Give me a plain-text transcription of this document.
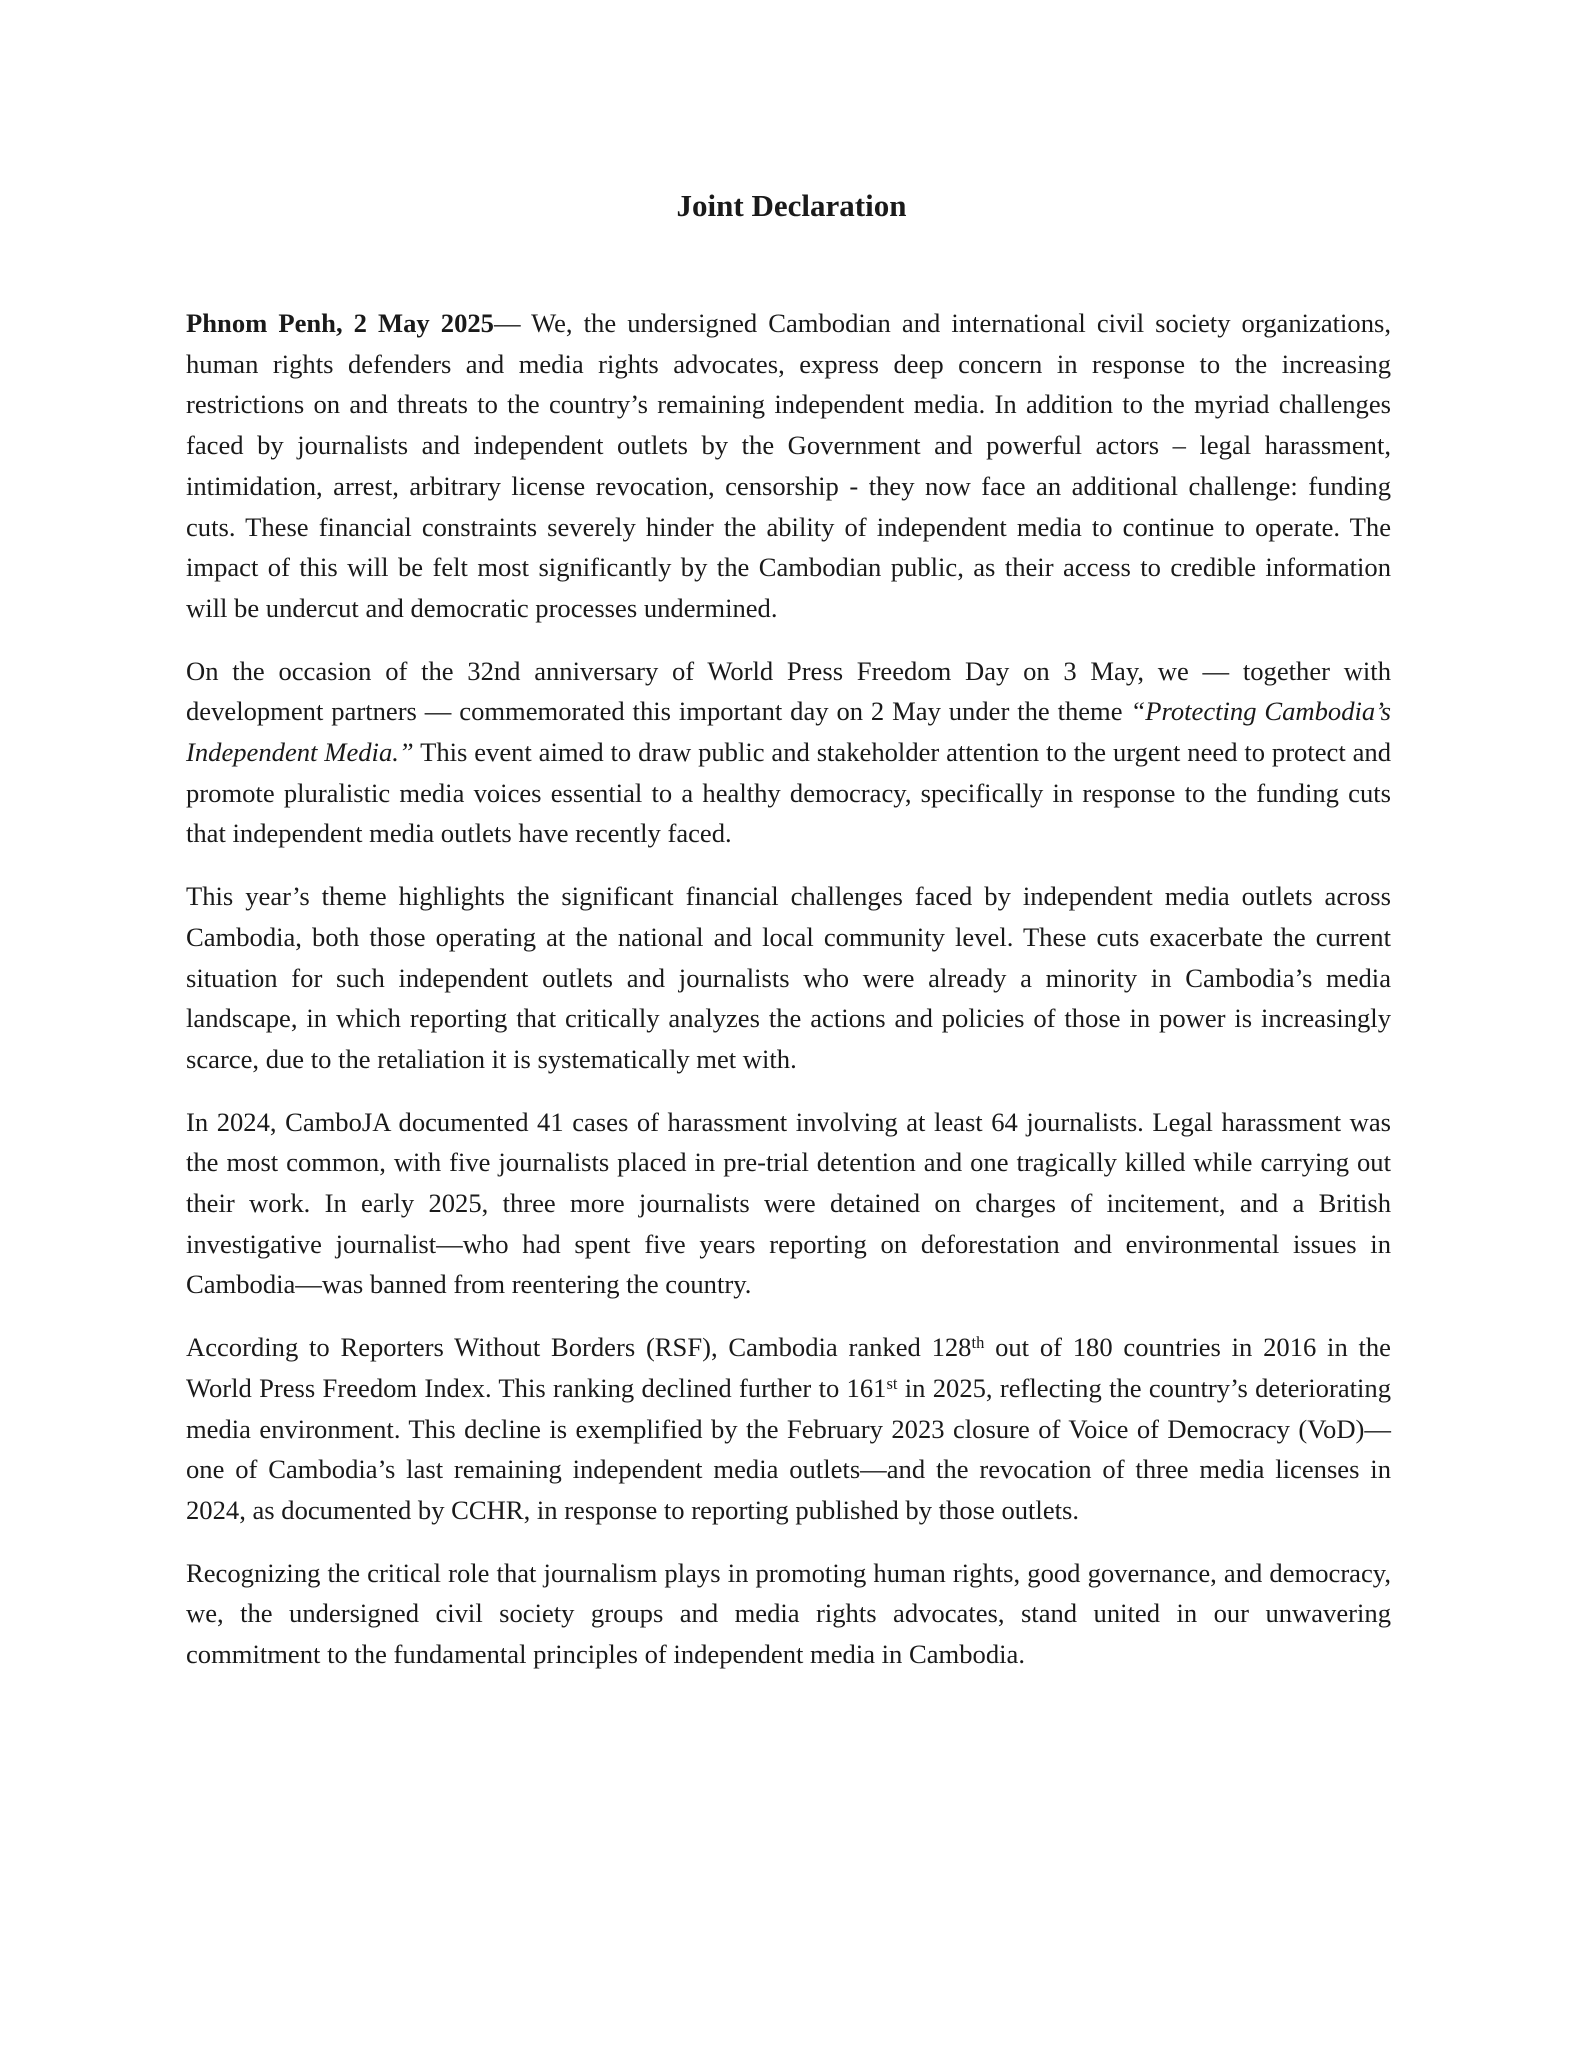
Joint Declaration

Phnom Penh, 2 May 2025— We, the undersigned Cambodian and international civil society organizations, human rights defenders and media rights advocates, express deep concern in response to the increasing restrictions on and threats to the country’s remaining independent media. In addition to the myriad challenges faced by journalists and independent outlets by the Government and powerful actors – legal harassment, intimidation, arrest, arbitrary license revocation, censorship - they now face an additional challenge: funding cuts. These financial constraints severely hinder the ability of independent media to continue to operate. The impact of this will be felt most significantly by the Cambodian public, as their access to credible information will be undercut and democratic processes undermined.

On the occasion of the 32nd anniversary of World Press Freedom Day on 3 May, we — together with development partners — commemorated this important day on 2 May under the theme “Protecting Cambodia’s Independent Media.” This event aimed to draw public and stakeholder attention to the urgent need to protect and promote pluralistic media voices essential to a healthy democracy, specifically in response to the funding cuts that independent media outlets have recently faced.

This year’s theme highlights the significant financial challenges faced by independent media outlets across Cambodia, both those operating at the national and local community level. These cuts exacerbate the current situation for such independent outlets and journalists who were already a minority in Cambodia’s media landscape, in which reporting that critically analyzes the actions and policies of those in power is increasingly scarce, due to the retaliation it is systematically met with.

In 2024, CamboJA documented 41 cases of harassment involving at least 64 journalists. Legal harassment was the most common, with five journalists placed in pre-trial detention and one tragically killed while carrying out their work. In early 2025, three more journalists were detained on charges of incitement, and a British investigative journalist—who had spent five years reporting on deforestation and environmental issues in Cambodia—was banned from reentering the country.

According to Reporters Without Borders (RSF), Cambodia ranked 128th out of 180 countries in 2016 in the World Press Freedom Index. This ranking declined further to 161st in 2025, reflecting the country’s deteriorating media environment. This decline is exemplified by the February 2023 closure of Voice of Democracy (VoD)—one of Cambodia’s last remaining independent media outlets—and the revocation of three media licenses in 2024, as documented by CCHR, in response to reporting published by those outlets.

Recognizing the critical role that journalism plays in promoting human rights, good governance, and democracy, we, the undersigned civil society groups and media rights advocates, stand united in our unwavering commitment to the fundamental principles of independent media in Cambodia.
